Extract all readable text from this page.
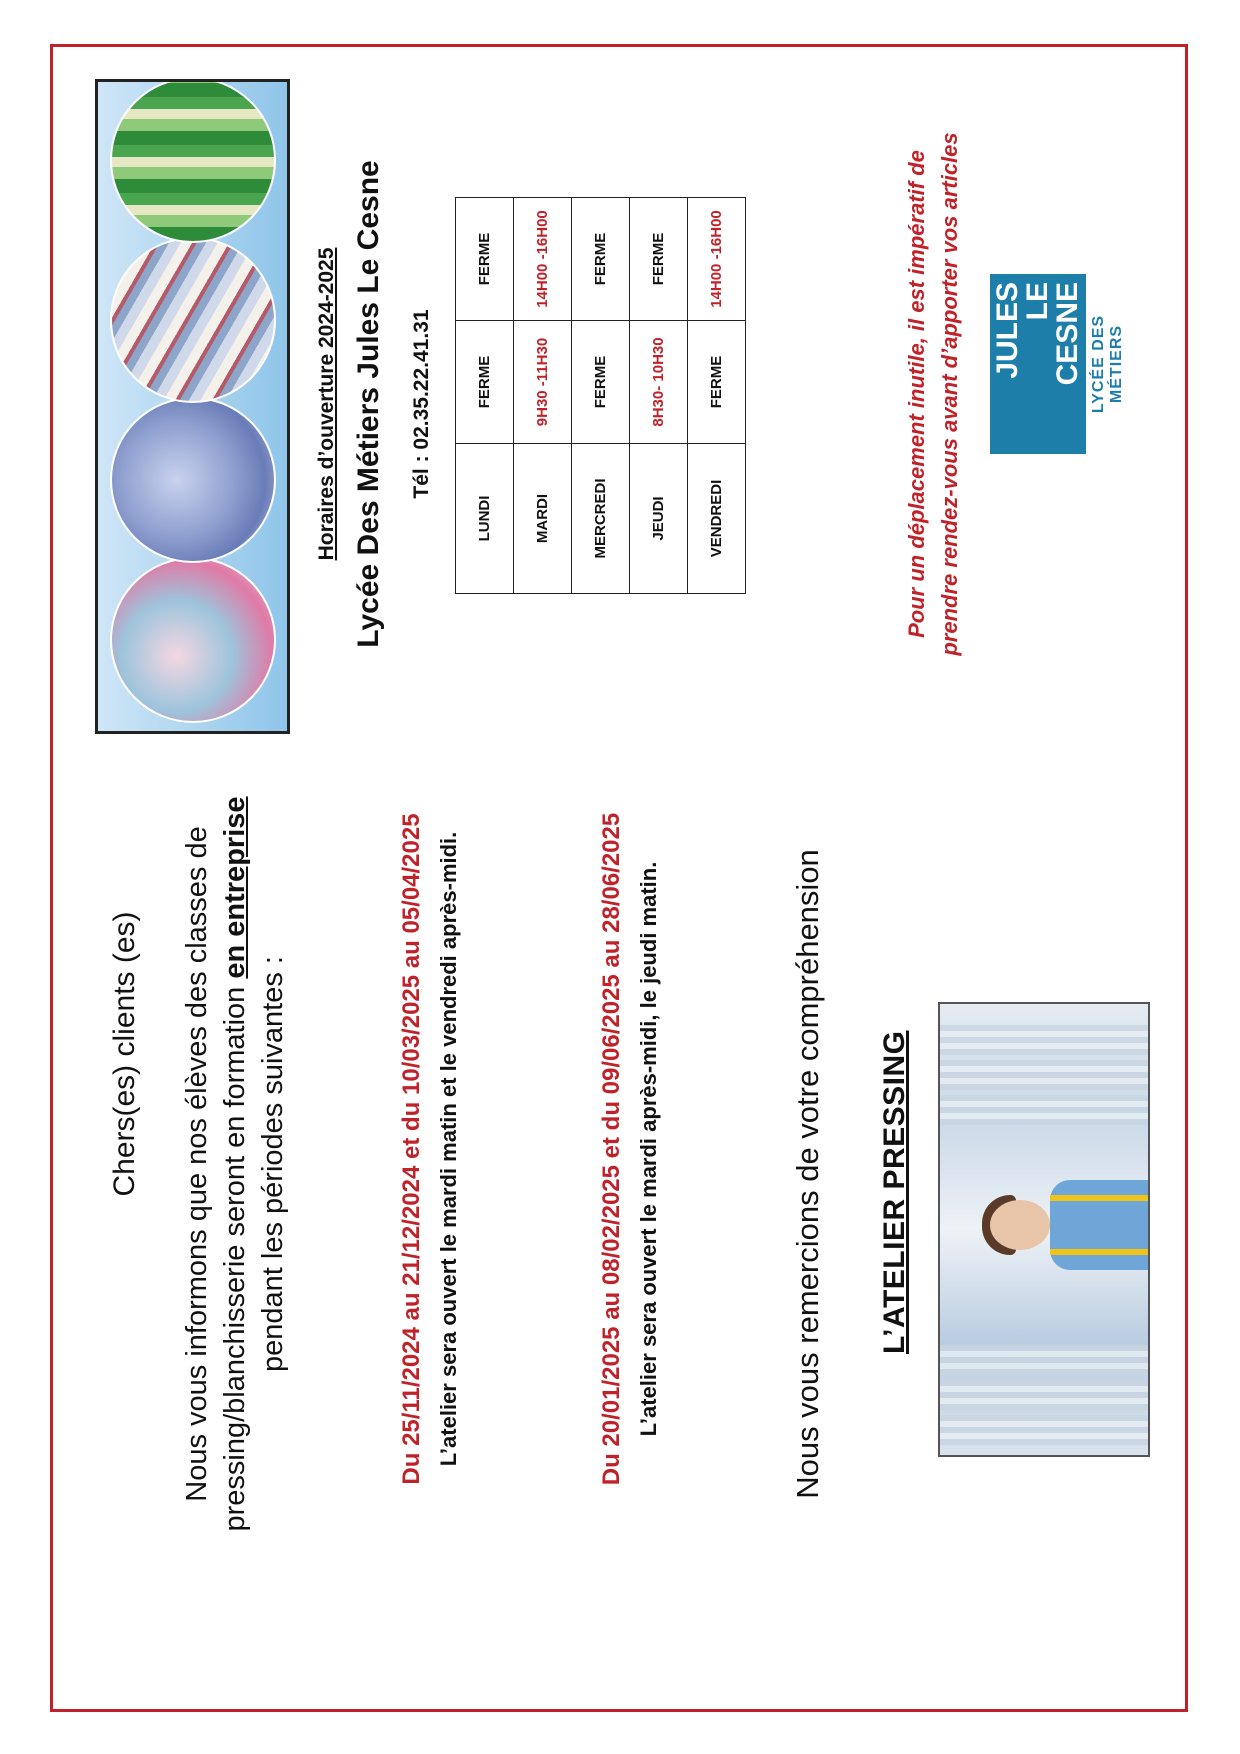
Chers(es) clients (es) Nous vous informons que nos élèves des classes de pressing/blanchisserie seront en formation en entreprise pendant les périodes suivantes :	Du 25/11/2024 au 21/12/2024 et du 10/03/2025 au 05/04/2025 L’atelier sera ouvert le mardi matin et le vendredi après-midi.	Du 20/01/2025 au 08/02/2025 et du 09/06/2025 au 28/06/2025 L’atelier sera ouvert le mardi après-midi, le jeudi matin.	Nous vous remercions de votre compréhension L’ATELIER PRESSING
Horaires d’ouverture 2024-2025 Lycée Des Métiers Jules Le Cesne Tél : 02.35.22.41.31
LUNDI	FERME	FERME
MARDI	9H30 -11H30	14H00 -16H00
MERCREDI	FERME	FERME
JEUDI	8H30- 10H30	FERME
VENDREDI	FERME	14H00 -16H00	Pour un déplacement inutile, il est impératif de prendre rendez-vous avant d’apporter vos articles JULES
LE
CESNE LYCÉE DES MÉTIERS
